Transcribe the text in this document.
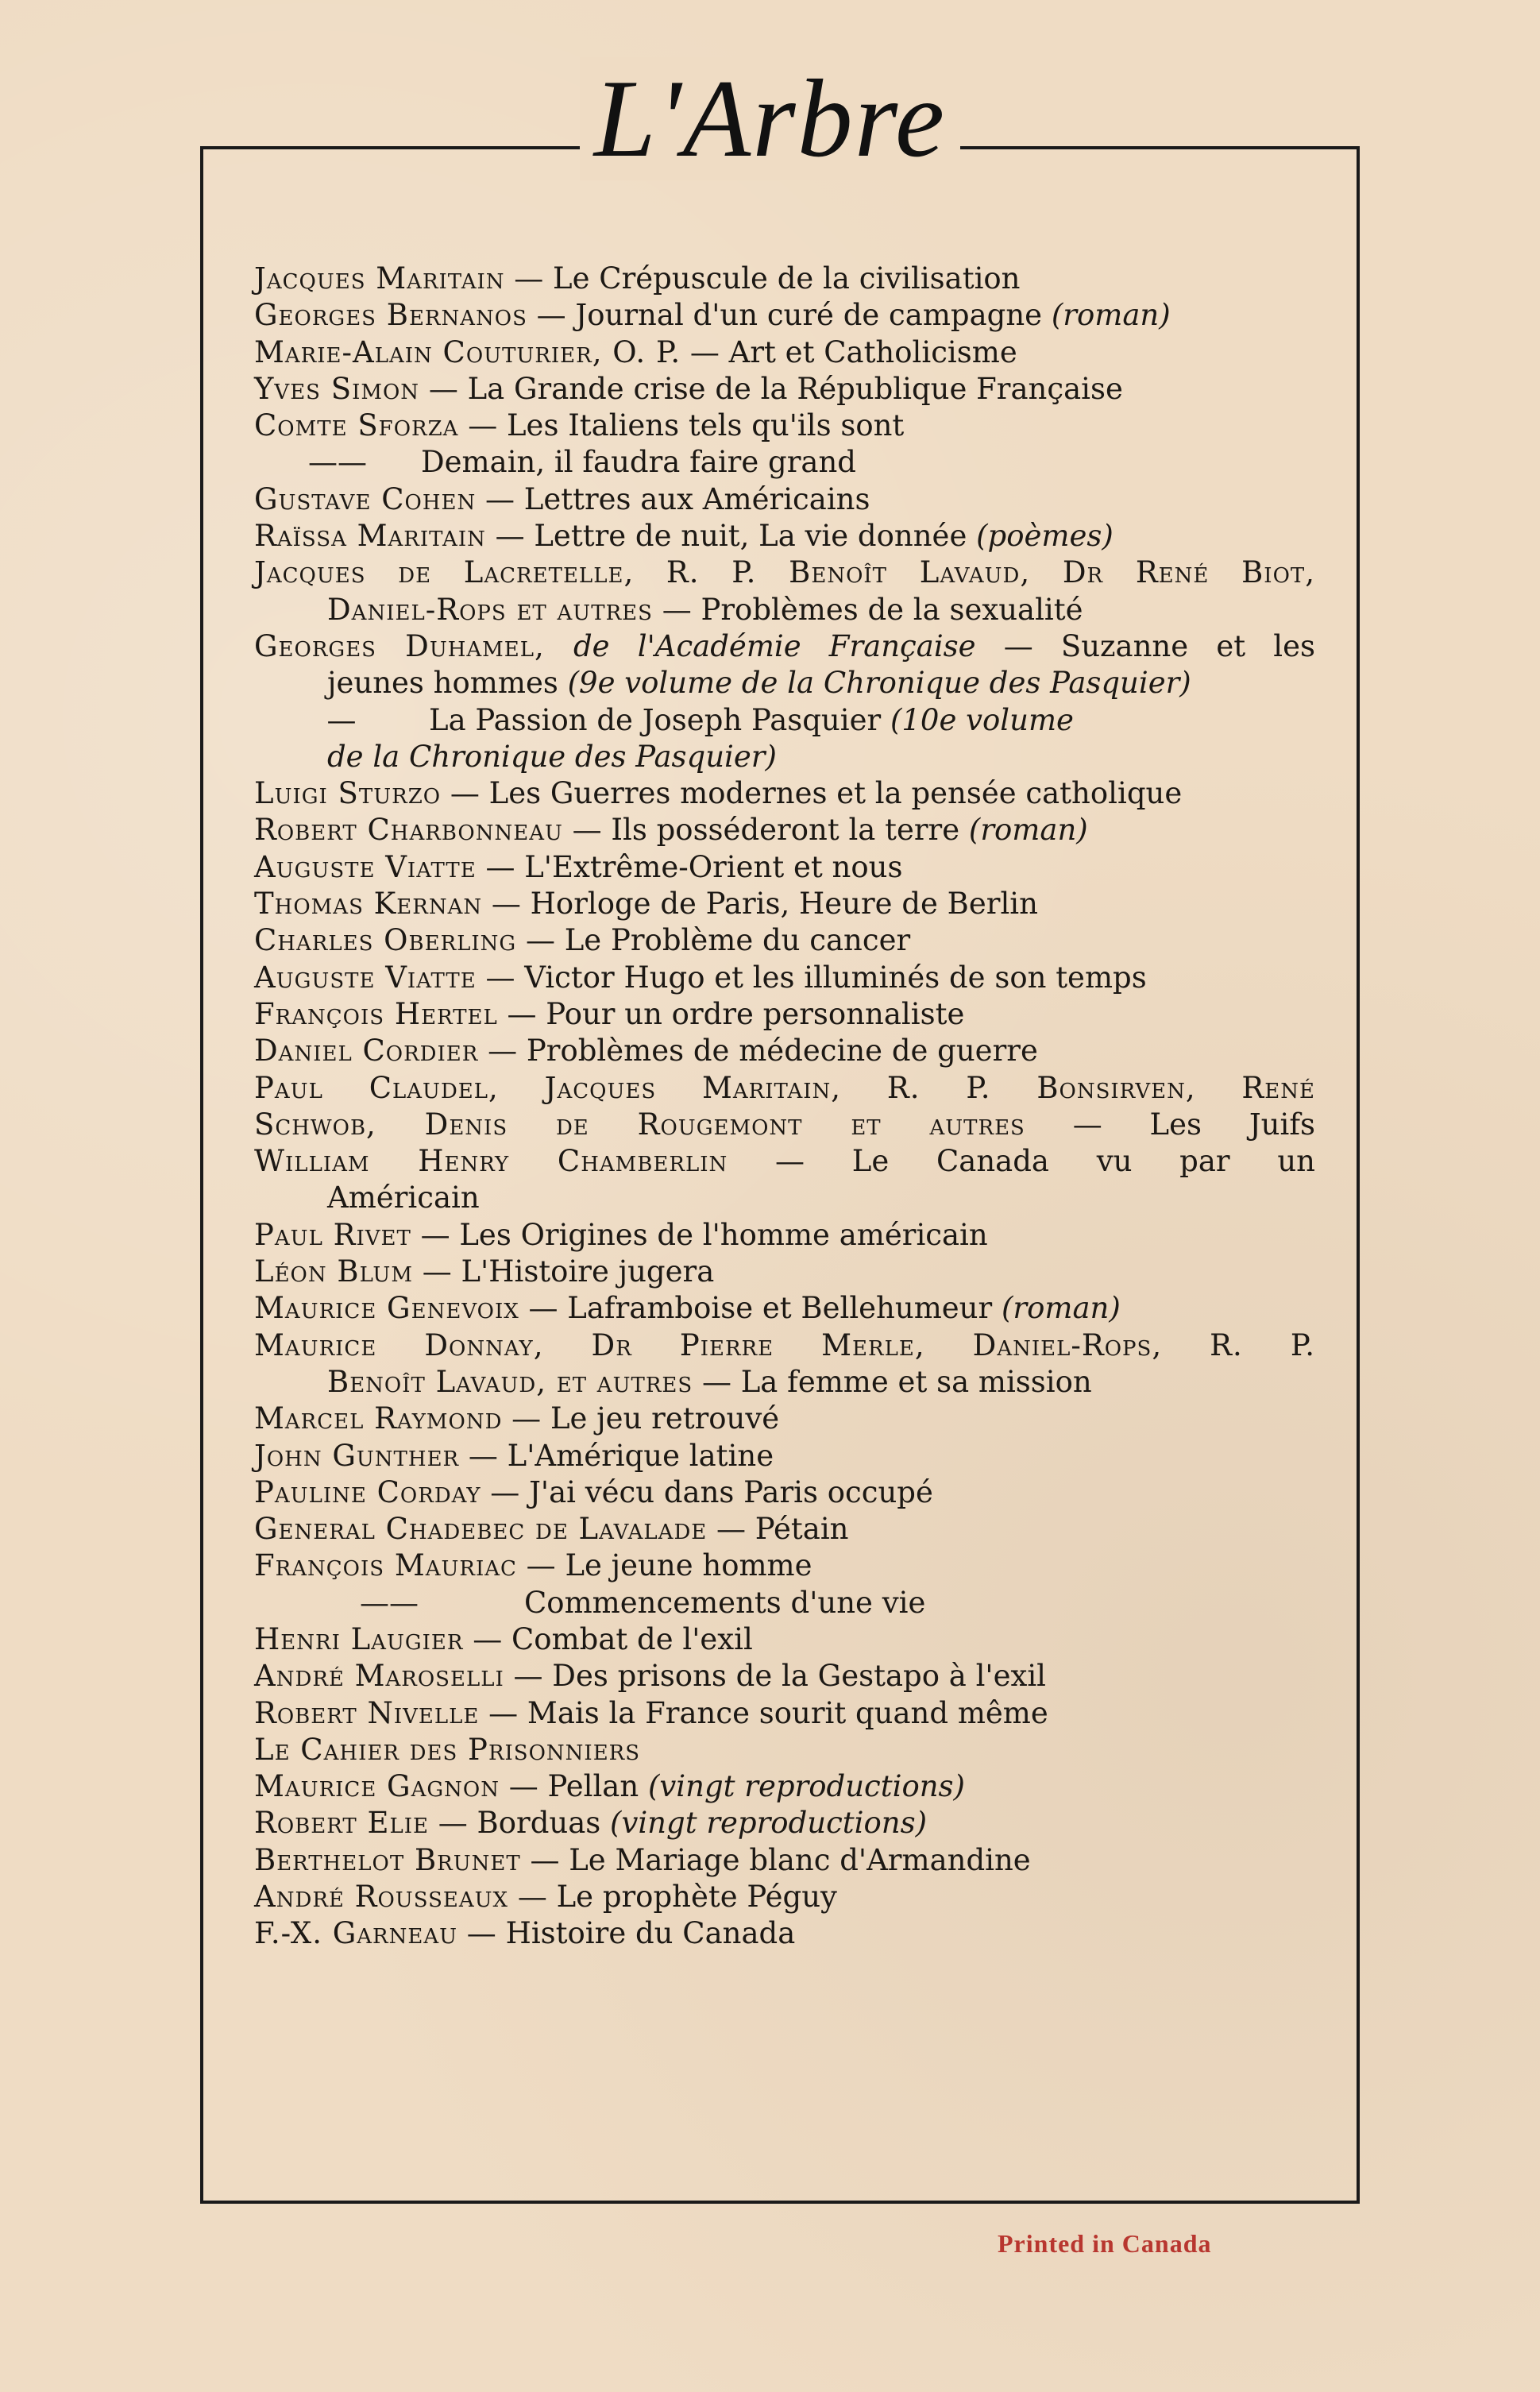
L'Arbre
Jacques Maritain — Le Crépuscule de la civilisation
Georges Bernanos — Journal d'un curé de campagne (roman)
Marie-Alain Couturier, O. P. — Art et Catholicisme
Yves Simon — La Grande crise de la République Française
Comte Sforza — Les Italiens tels qu'ils sont
—— Demain, il faudra faire grand
Gustave Cohen — Lettres aux Américains
Raïssa Maritain — Lettre de nuit, La vie donnée (poèmes)
Jacques de Lacretelle, R. P. Benoît Lavaud, Dr René Biot,
Daniel-Rops et autres — Problèmes de la sexualité
Georges Duhamel, de l'Académie Française — Suzanne et les
jeunes hommes (9e volume de la Chronique des Pasquier)
— La Passion de Joseph Pasquier (10e volume
de la Chronique des Pasquier)
Luigi Sturzo — Les Guerres modernes et la pensée catholique
Robert Charbonneau — Ils posséderont la terre (roman)
Auguste Viatte — L'Extrême-Orient et nous
Thomas Kernan — Horloge de Paris, Heure de Berlin
Charles Oberling — Le Problème du cancer
Auguste Viatte — Victor Hugo et les illuminés de son temps
François Hertel — Pour un ordre personnaliste
Daniel Cordier — Problèmes de médecine de guerre
Paul Claudel, Jacques Maritain, R. P. Bonsirven, René
Schwob, Denis de Rougemont et autres — Les Juifs
William Henry Chamberlin — Le Canada vu par un
Américain
Paul Rivet — Les Origines de l'homme américain
Léon Blum — L'Histoire jugera
Maurice Genevoix — Laframboise et Bellehumeur (roman)
Maurice Donnay, Dr Pierre Merle, Daniel-Rops, R. P.
Benoît Lavaud, et autres — La femme et sa mission
Marcel Raymond — Le jeu retrouvé
John Gunther — L'Amérique latine
Pauline Corday — J'ai vécu dans Paris occupé
General Chadebec de Lavalade — Pétain
François Mauriac — Le jeune homme
——	Commencements d'une vie
Henri Laugier — Combat de l'exil
André Maroselli — Des prisons de la Gestapo à l'exil
Robert Nivelle — Mais la France sourit quand même
Le Cahier des Prisonniers
Maurice Gagnon — Pellan (vingt reproductions)
Robert Elie — Borduas (vingt reproductions)
Berthelot Brunet — Le Mariage blanc d'Armandine
André Rousseaux — Le prophète Péguy
F.-X. Garneau — Histoire du Canada
Printed in Canada
